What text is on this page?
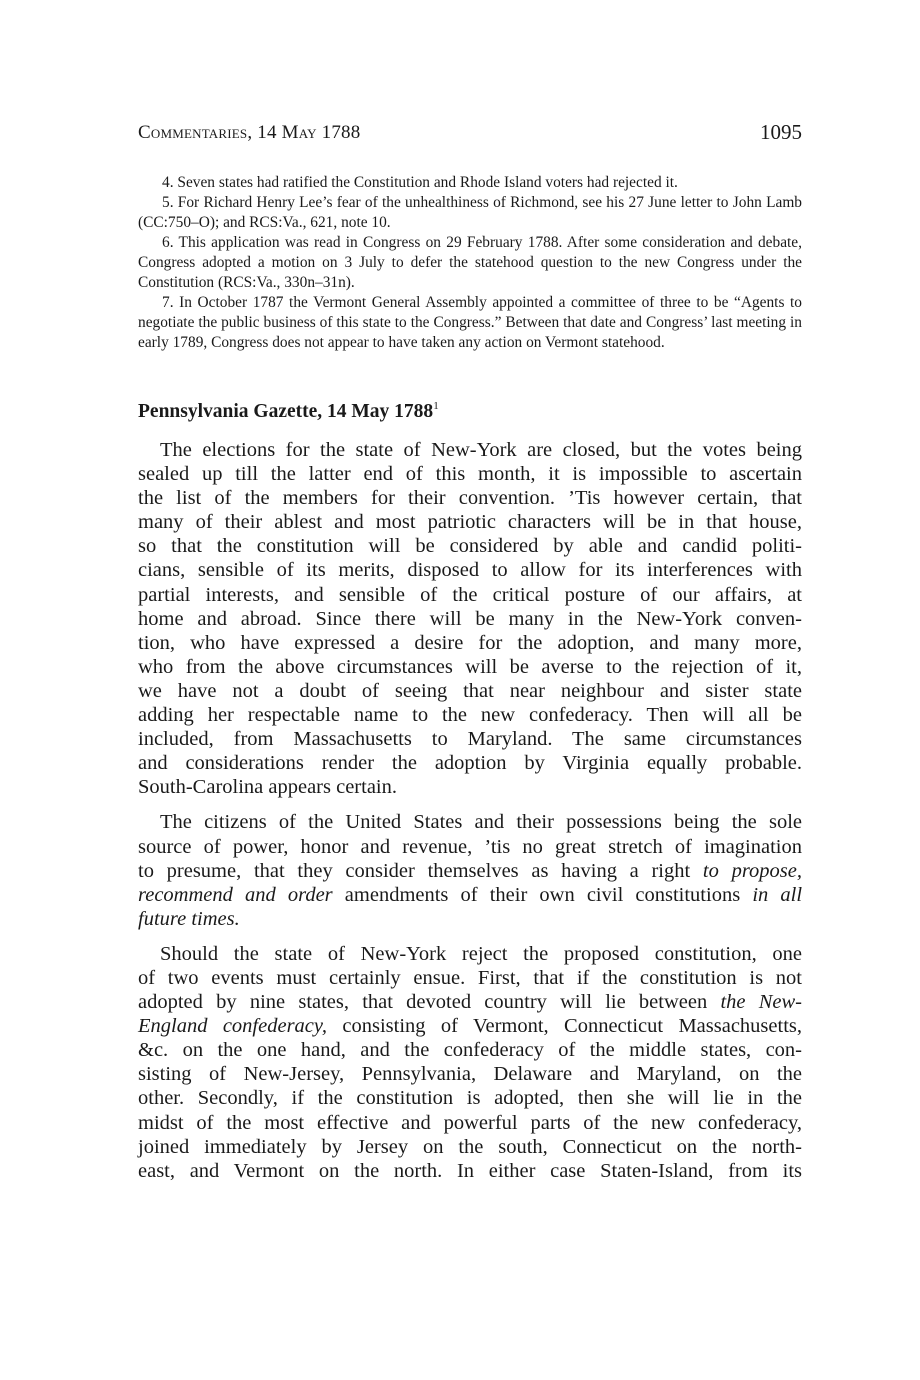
Commentaries, 14 May 1788	1095

4. Seven states had ratified the Constitution and Rhode Island voters had rejected it.

5. For Richard Henry Lee’s fear of the unhealthiness of Richmond, see his 27 June letter to John Lamb (CC:750–O); and RCS:Va., 621, note 10.

6. This application was read in Congress on 29 February 1788. After some consideration and debate, Congress adopted a motion on 3 July to defer the statehood question to the new Congress under the Constitution (RCS:Va., 330n–31n).

7. In October 1787 the Vermont General Assembly appointed a committee of three to be “Agents to negotiate the public business of this state to the Congress.” Between that date and Congress’ last meeting in early 1789, Congress does not appear to have taken any action on Vermont statehood.

Pennsylvania Gazette, 14 May 1788$^1$

The elections for the state of New-York are closed, but the votes being
sealed up till the latter end of this month, it is impossible to ascertain
the list of the members for their convention. ’Tis however certain, that
many of their ablest and most patriotic characters will be in that house,
so that the constitution will be considered by able and candid politi-
cians, sensible of its merits, disposed to allow for its interferences with
partial interests, and sensible of the critical posture of our affairs, at
home and abroad. Since there will be many in the New-York conven-
tion, who have expressed a desire for the adoption, and many more,
who from the above circumstances will be averse to the rejection of it,
we have not a doubt of seeing that near neighbour and sister state
adding her respectable name to the new confederacy. Then will all be
included, from Massachusetts to Maryland. The same circumstances
and considerations render the adoption by Virginia equally probable.
South-Carolina appears certain.

The citizens of the United States and their possessions being the sole
source of power, honor and revenue, ’tis no great stretch of imagination
to presume, that they consider themselves as having a right to propose,
recommend and order amendments of their own civil constitutions in all
future times.

Should the state of New-York reject the proposed constitution, one
of two events must certainly ensue. First, that if the constitution is not
adopted by nine states, that devoted country will lie between the New-
England confederacy, consisting of Vermont, Connecticut Massachusetts,
&c. on the one hand, and the confederacy of the middle states, con-
sisting of New-Jersey, Pennsylvania, Delaware and Maryland, on the
other. Secondly, if the constitution is adopted, then she will lie in the
midst of the most effective and powerful parts of the new confederacy,
joined immediately by Jersey on the south, Connecticut on the north-
east, and Vermont on the north. In either case Staten-Island, from its
